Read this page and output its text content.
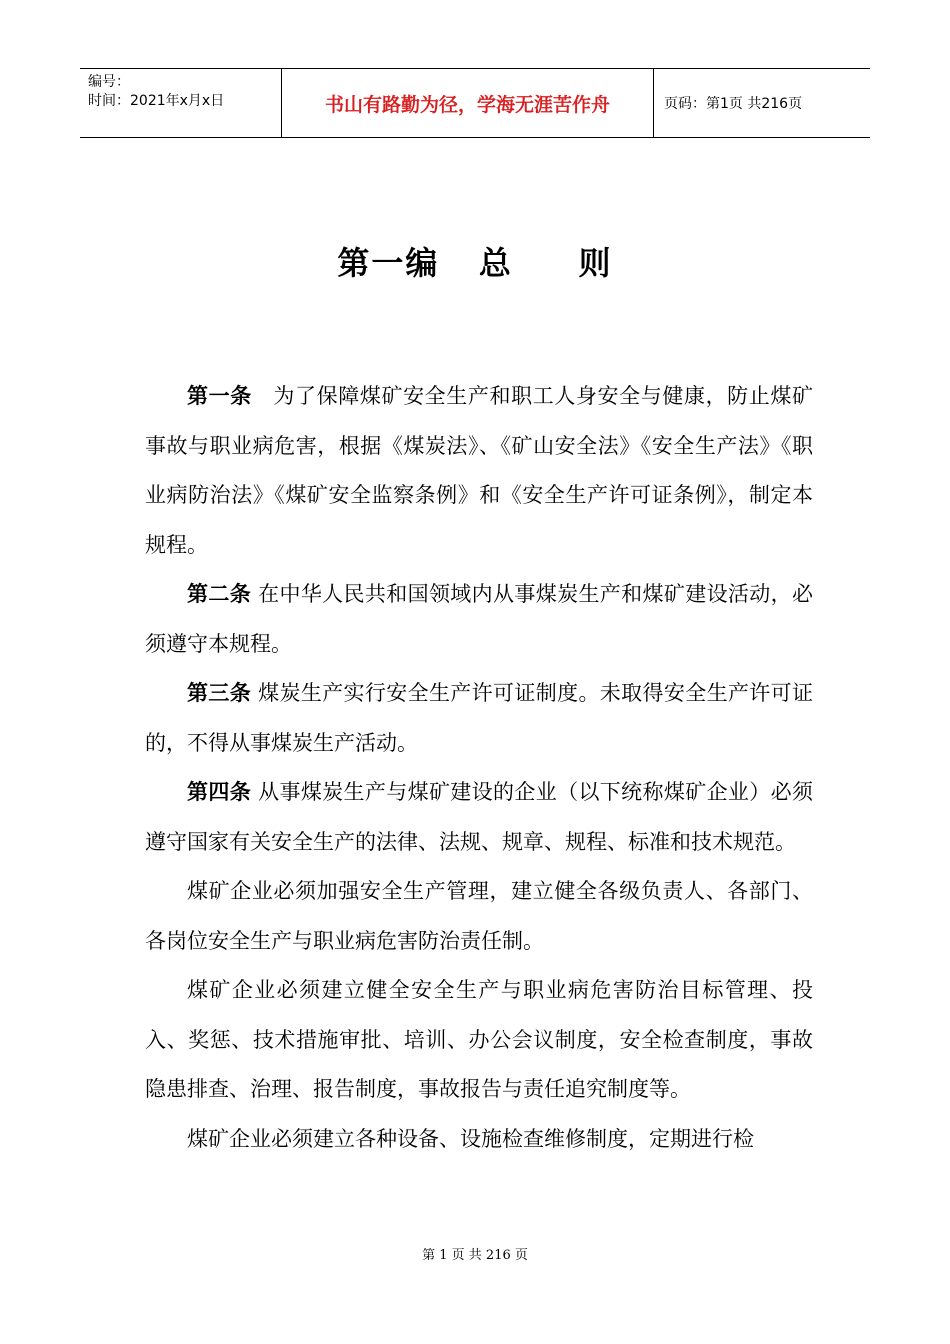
编号：
时间：2021年x月x日	书山有路勤为径，学海无涯苦作舟	页码：第1页 共216页
第一编   总     则

第一条　为了保障煤矿安全生产和职工人身安全与健康，防止煤矿事故与职业病危害，根据《煤炭法》、《矿山安全法》《安全生产法》《职业病防治法》《煤矿安全监察条例》和《安全生产许可证条例》，制定本规程。

第二条 在中华人民共和国领域内从事煤炭生产和煤矿建设活动，必须遵守本规程。

第三条 煤炭生产实行安全生产许可证制度。未取得安全生产许可证的，不得从事煤炭生产活动。

第四条 从事煤炭生产与煤矿建设的企业（以下统称煤矿企业）必须遵守国家有关安全生产的法律、法规、规章、规程、标准和技术规范。

煤矿企业必须加强安全生产管理，建立健全各级负责人、各部门、各岗位安全生产与职业病危害防治责任制。

煤矿企业必须建立健全安全生产与职业病危害防治目标管理、投入、奖惩、技术措施审批、培训、办公会议制度，安全检查制度，事故隐患排查、治理、报告制度，事故报告与责任追究制度等。

煤矿企业必须建立各种设备、设施检查维修制度，定期进行检

第 1 页 共 216 页
